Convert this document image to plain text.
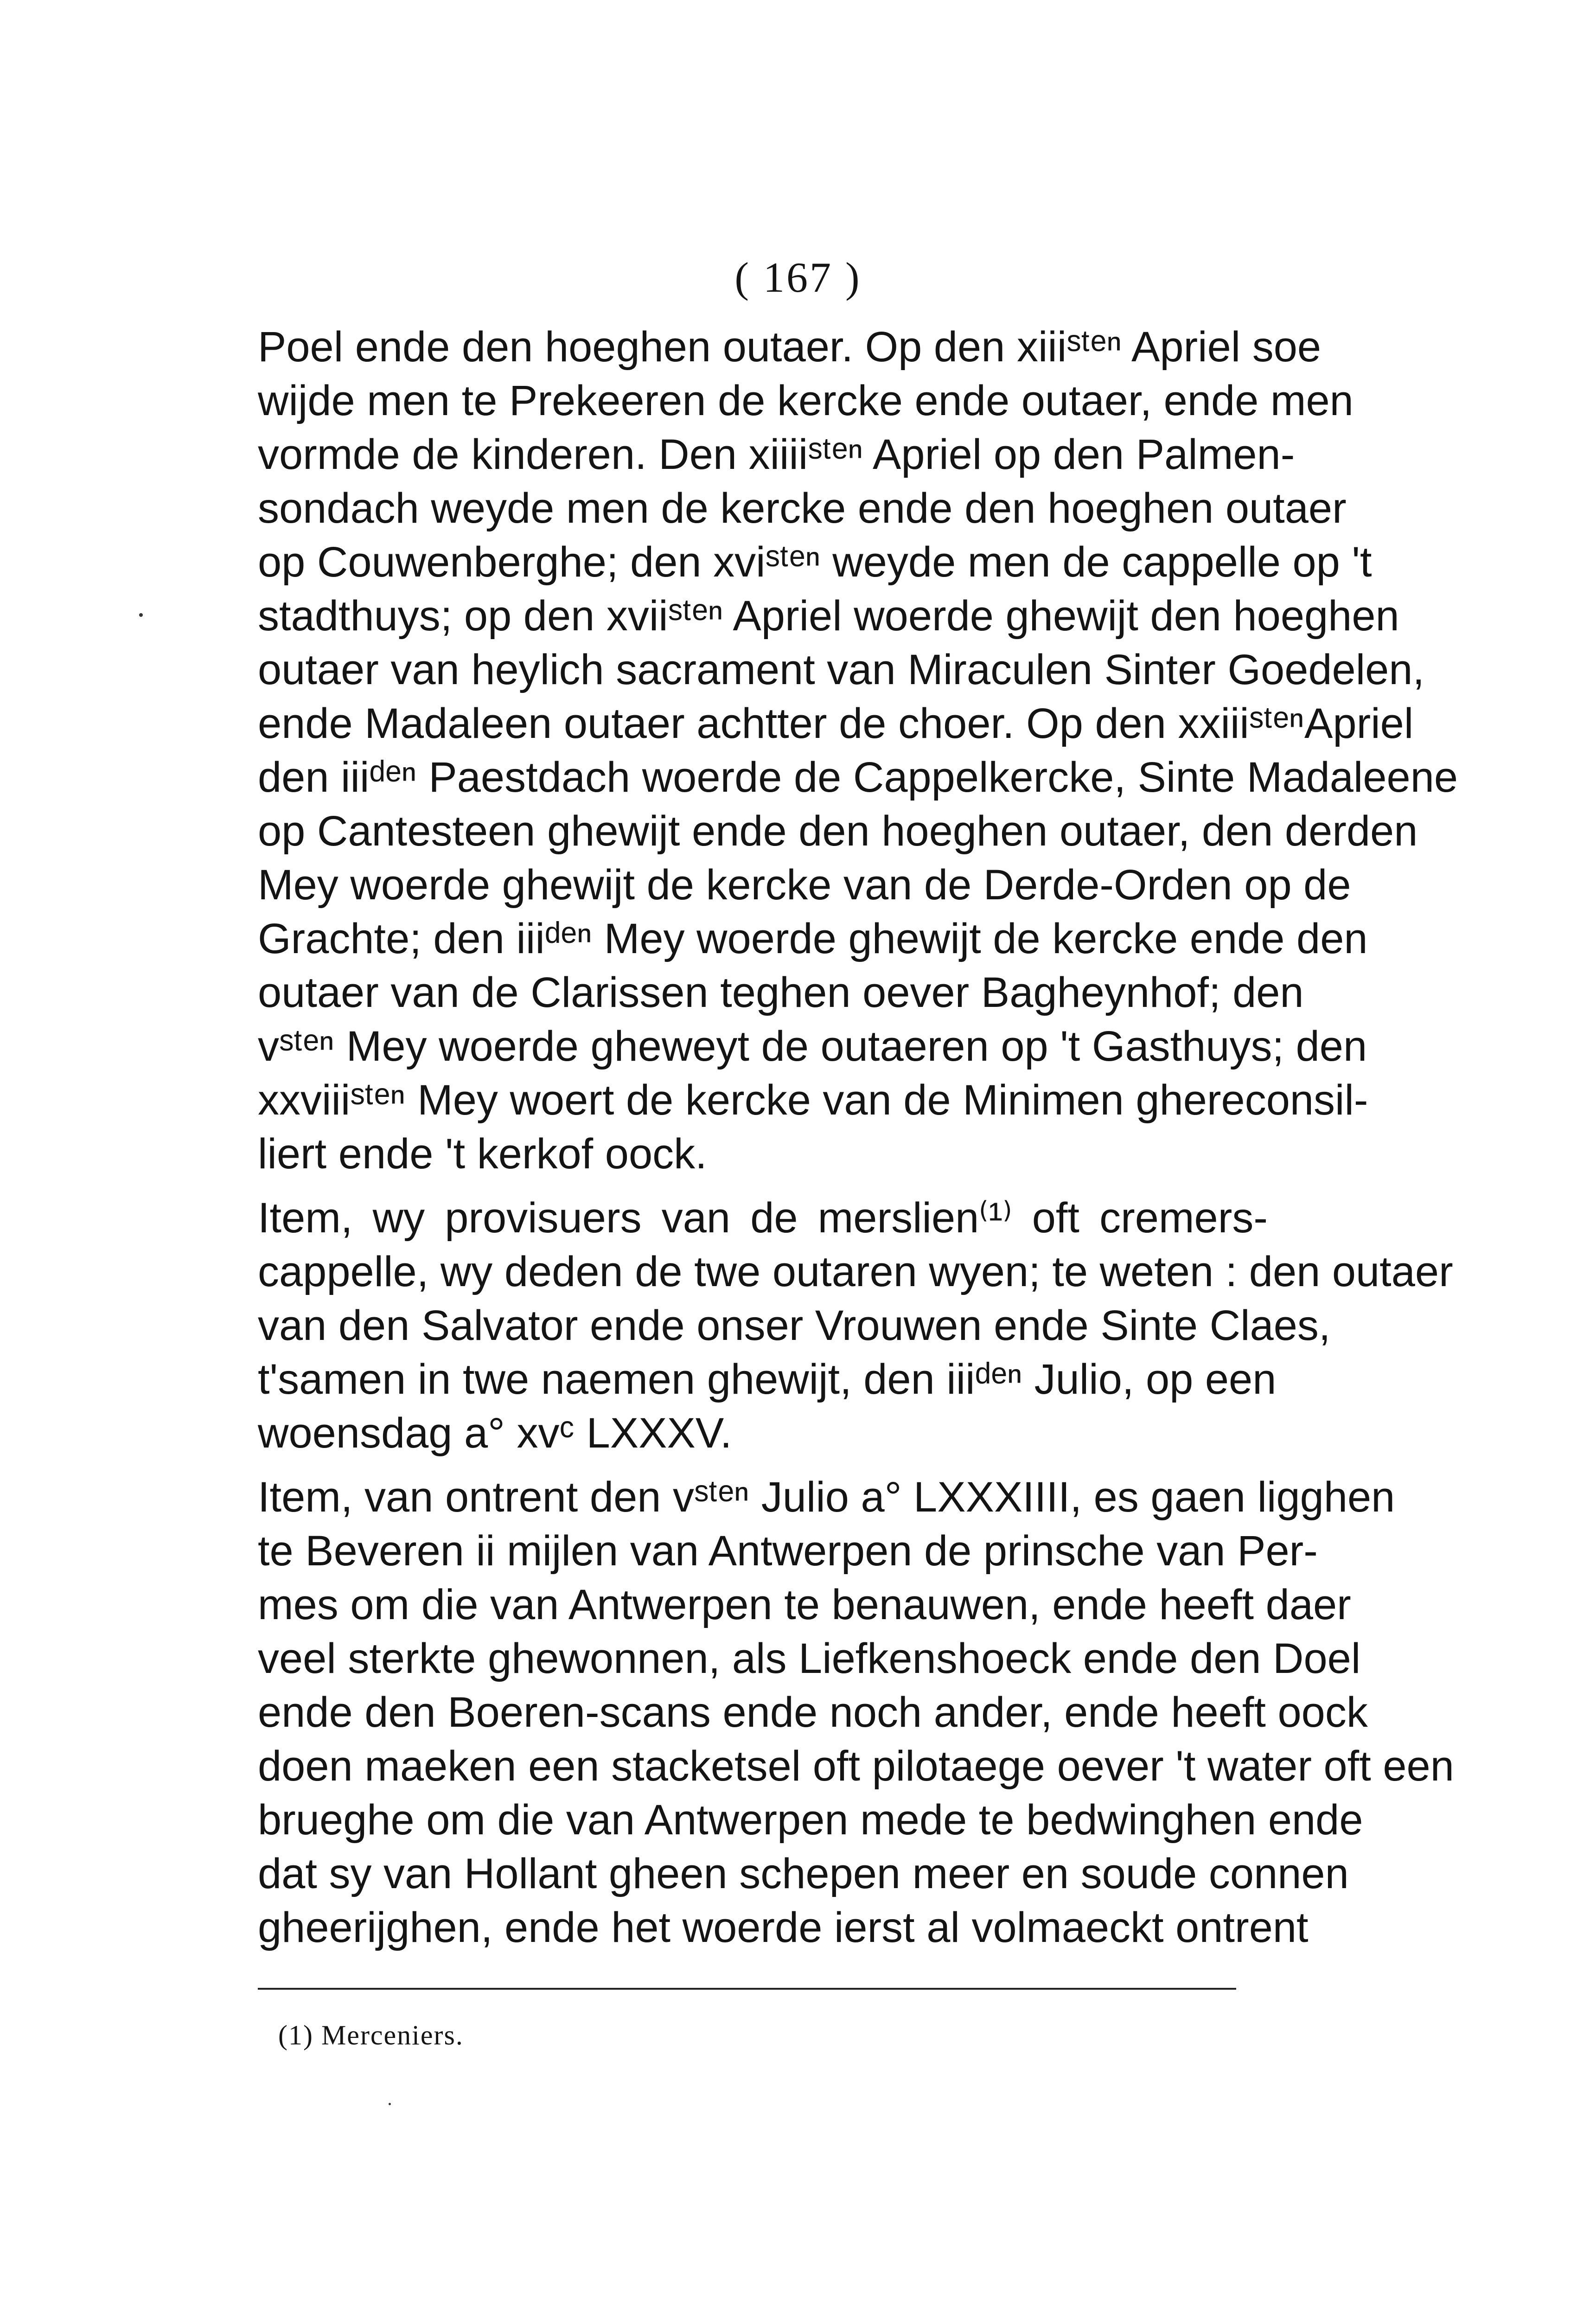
( 167 )

Poel ende den hoeghen outaer. Op den xiiiˢᵗᵉⁿ Apriel soe
wijde men te Prekeeren de kercke ende outaer, ende men
vormde de kinderen. Den xiiiiˢᵗᵉⁿ Apriel op den Palmen-
sondach weyde men de kercke ende den hoeghen outaer
op Couwenberghe; den xviˢᵗᵉⁿ weyde men de cappelle op 't
stadthuys; op den xviiˢᵗᵉⁿ Apriel woerde ghewijt den hoeghen
outaer van heylich sacrament van Miraculen Sinter Goedelen,
ende Madaleen outaer achtter de choer. Op den xxiiiˢᵗᵉⁿApriel
den iiiᵈᵉⁿ Paestdach woerde de Cappelkercke, Sinte Madaleene
op Cantesteen ghewijt ende den hoeghen outaer, den derden
Mey woerde ghewijt de kercke van de Derde-Orden op de
Grachte; den iiiᵈᵉⁿ Mey woerde ghewijt de kercke ende den
outaer van de Clarissen teghen oever Bagheynhof; den
vˢᵗᵉⁿ Mey woerde gheweyt de outaeren op 't Gasthuys; den
xxviiiˢᵗᵉⁿ Mey woert de kercke van de Minimen ghereconsil-
liert ende 't kerkof oock.

Item, wy provisuers van de merslien⁽¹⁾ oft cremers-
cappelle, wy deden de twe outaren wyen; te weten : den outaer
van den Salvator ende onser Vrouwen ende Sinte Claes,
t'samen in twe naemen ghewijt, den iiiᵈᵉⁿ Julio, op een
woensdag a° xvᶜ LXXXV.

Item, van ontrent den vˢᵗᵉⁿ Julio a° LXXXIIII, es gaen ligghen
te Beveren ii mijlen van Antwerpen de prinsche van Per-
mes om die van Antwerpen te benauwen, ende heeft daer
veel sterkte ghewonnen, als Liefkenshoeck ende den Doel
ende den Boeren-scans ende noch ander, ende heeft oock
doen maeken een stacketsel oft pilotaege oever 't water oft een
brueghe om die van Antwerpen mede te bedwinghen ende
dat sy van Hollant gheen schepen meer en soude connen
gheerijghen, ende het woerde ierst al volmaeckt ontrent

(1) Merceniers.
